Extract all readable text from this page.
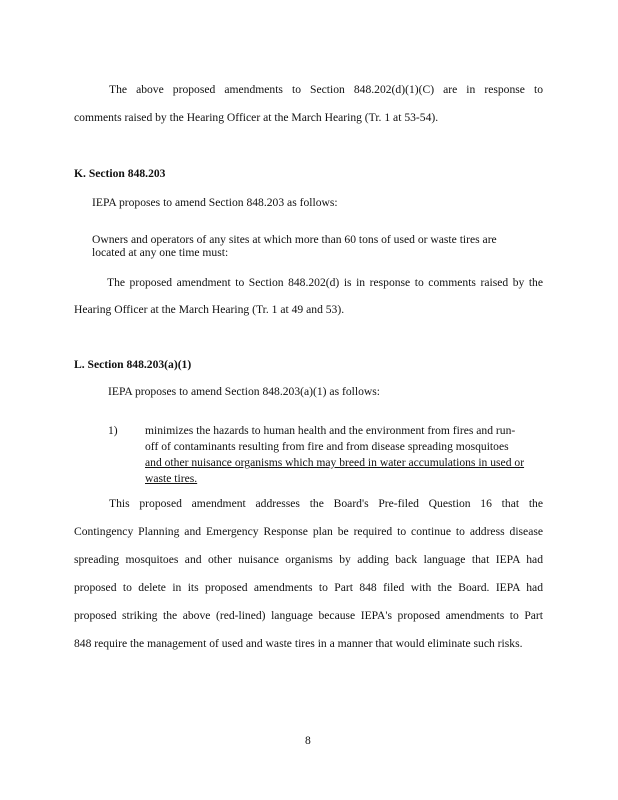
The above proposed amendments to Section 848.202(d)(1)(C) are in response to
comments raised by the Hearing Officer at the March Hearing (Tr. 1 at 53-54).
K. Section 848.203
IEPA proposes to amend Section 848.203 as follows:
Owners and operators of any sites at which more than 60 tons of used or waste tires are
located at any one time must:
The proposed amendment to Section 848.202(d) is in response to comments raised by the
Hearing Officer at the March Hearing (Tr. 1 at 49 and 53).
L. Section 848.203(a)(1)
IEPA proposes to amend Section 848.203(a)(1) as follows:
1) minimizes the hazards to human health and the environment from fires and run-
off of contaminants resulting from fire and from disease spreading mosquitoes
and other nuisance organisms which may breed in water accumulations in used or
waste tires.
This proposed amendment addresses the Board's Pre-filed Question 16 that the
Contingency Planning and Emergency Response plan be required to continue to address disease
spreading mosquitoes and other nuisance organisms by adding back language that IEPA had
proposed to delete in its proposed amendments to Part 848 filed with the Board. IEPA had
proposed striking the above (red-lined) language because IEPA's proposed amendments to Part
848 require the management of used and waste tires in a manner that would eliminate such risks.
8
